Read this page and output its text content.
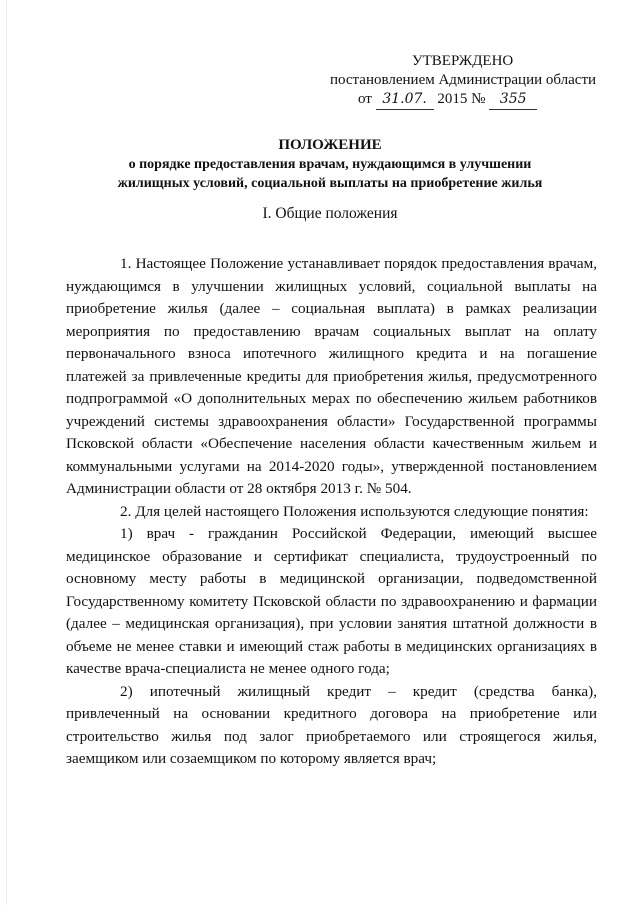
УТВЕРЖДЕНО
постановлением Администрации области
от 31.07. 2015 № 355
ПОЛОЖЕНИЕ
о порядке предоставления врачам, нуждающимся в улучшении
жилищных условий, социальной выплаты на приобретение жилья
I. Общие положения

1. Настоящее Положение устанавливает порядок предоставления врачам, нуждающимся в улучшении жилищных условий, социальной выплаты на приобретение жилья (далее – социальная выплата) в рамках реализации мероприятия по предоставлению врачам социальных выплат на оплату первоначального взноса ипотечного жилищного кредита и на погашение платежей за привлеченные кредиты для приобретения жилья, предусмотренного подпрограммой «О дополнительных мерах по обеспечению жильем работников учреждений системы здравоохранения области» Государственной программы Псковской области «Обеспечение населения области качественным жильем и коммунальными услугами на 2014-2020 годы», утвержденной постановлением Администрации области от 28 октября 2013 г. № 504.

2. Для целей настоящего Положения используются следующие понятия:

1) врач - гражданин Российской Федерации, имеющий высшее медицинское образование и сертификат специалиста, трудоустроенный по основному месту работы в медицинской организации, подведомственной Государственному комитету Псковской области по здравоохранению и фармации (далее – медицинская организация), при условии занятия штатной должности в объеме не менее ставки и имеющий стаж работы в медицинских организациях в качестве врача-специалиста не менее одного года;

2) ипотечный жилищный кредит – кредит (средства банка), привлеченный на основании кредитного договора на приобретение или строительство жилья под залог приобретаемого или строящегося жилья, заемщиком или созаемщиком по которому является врач;
